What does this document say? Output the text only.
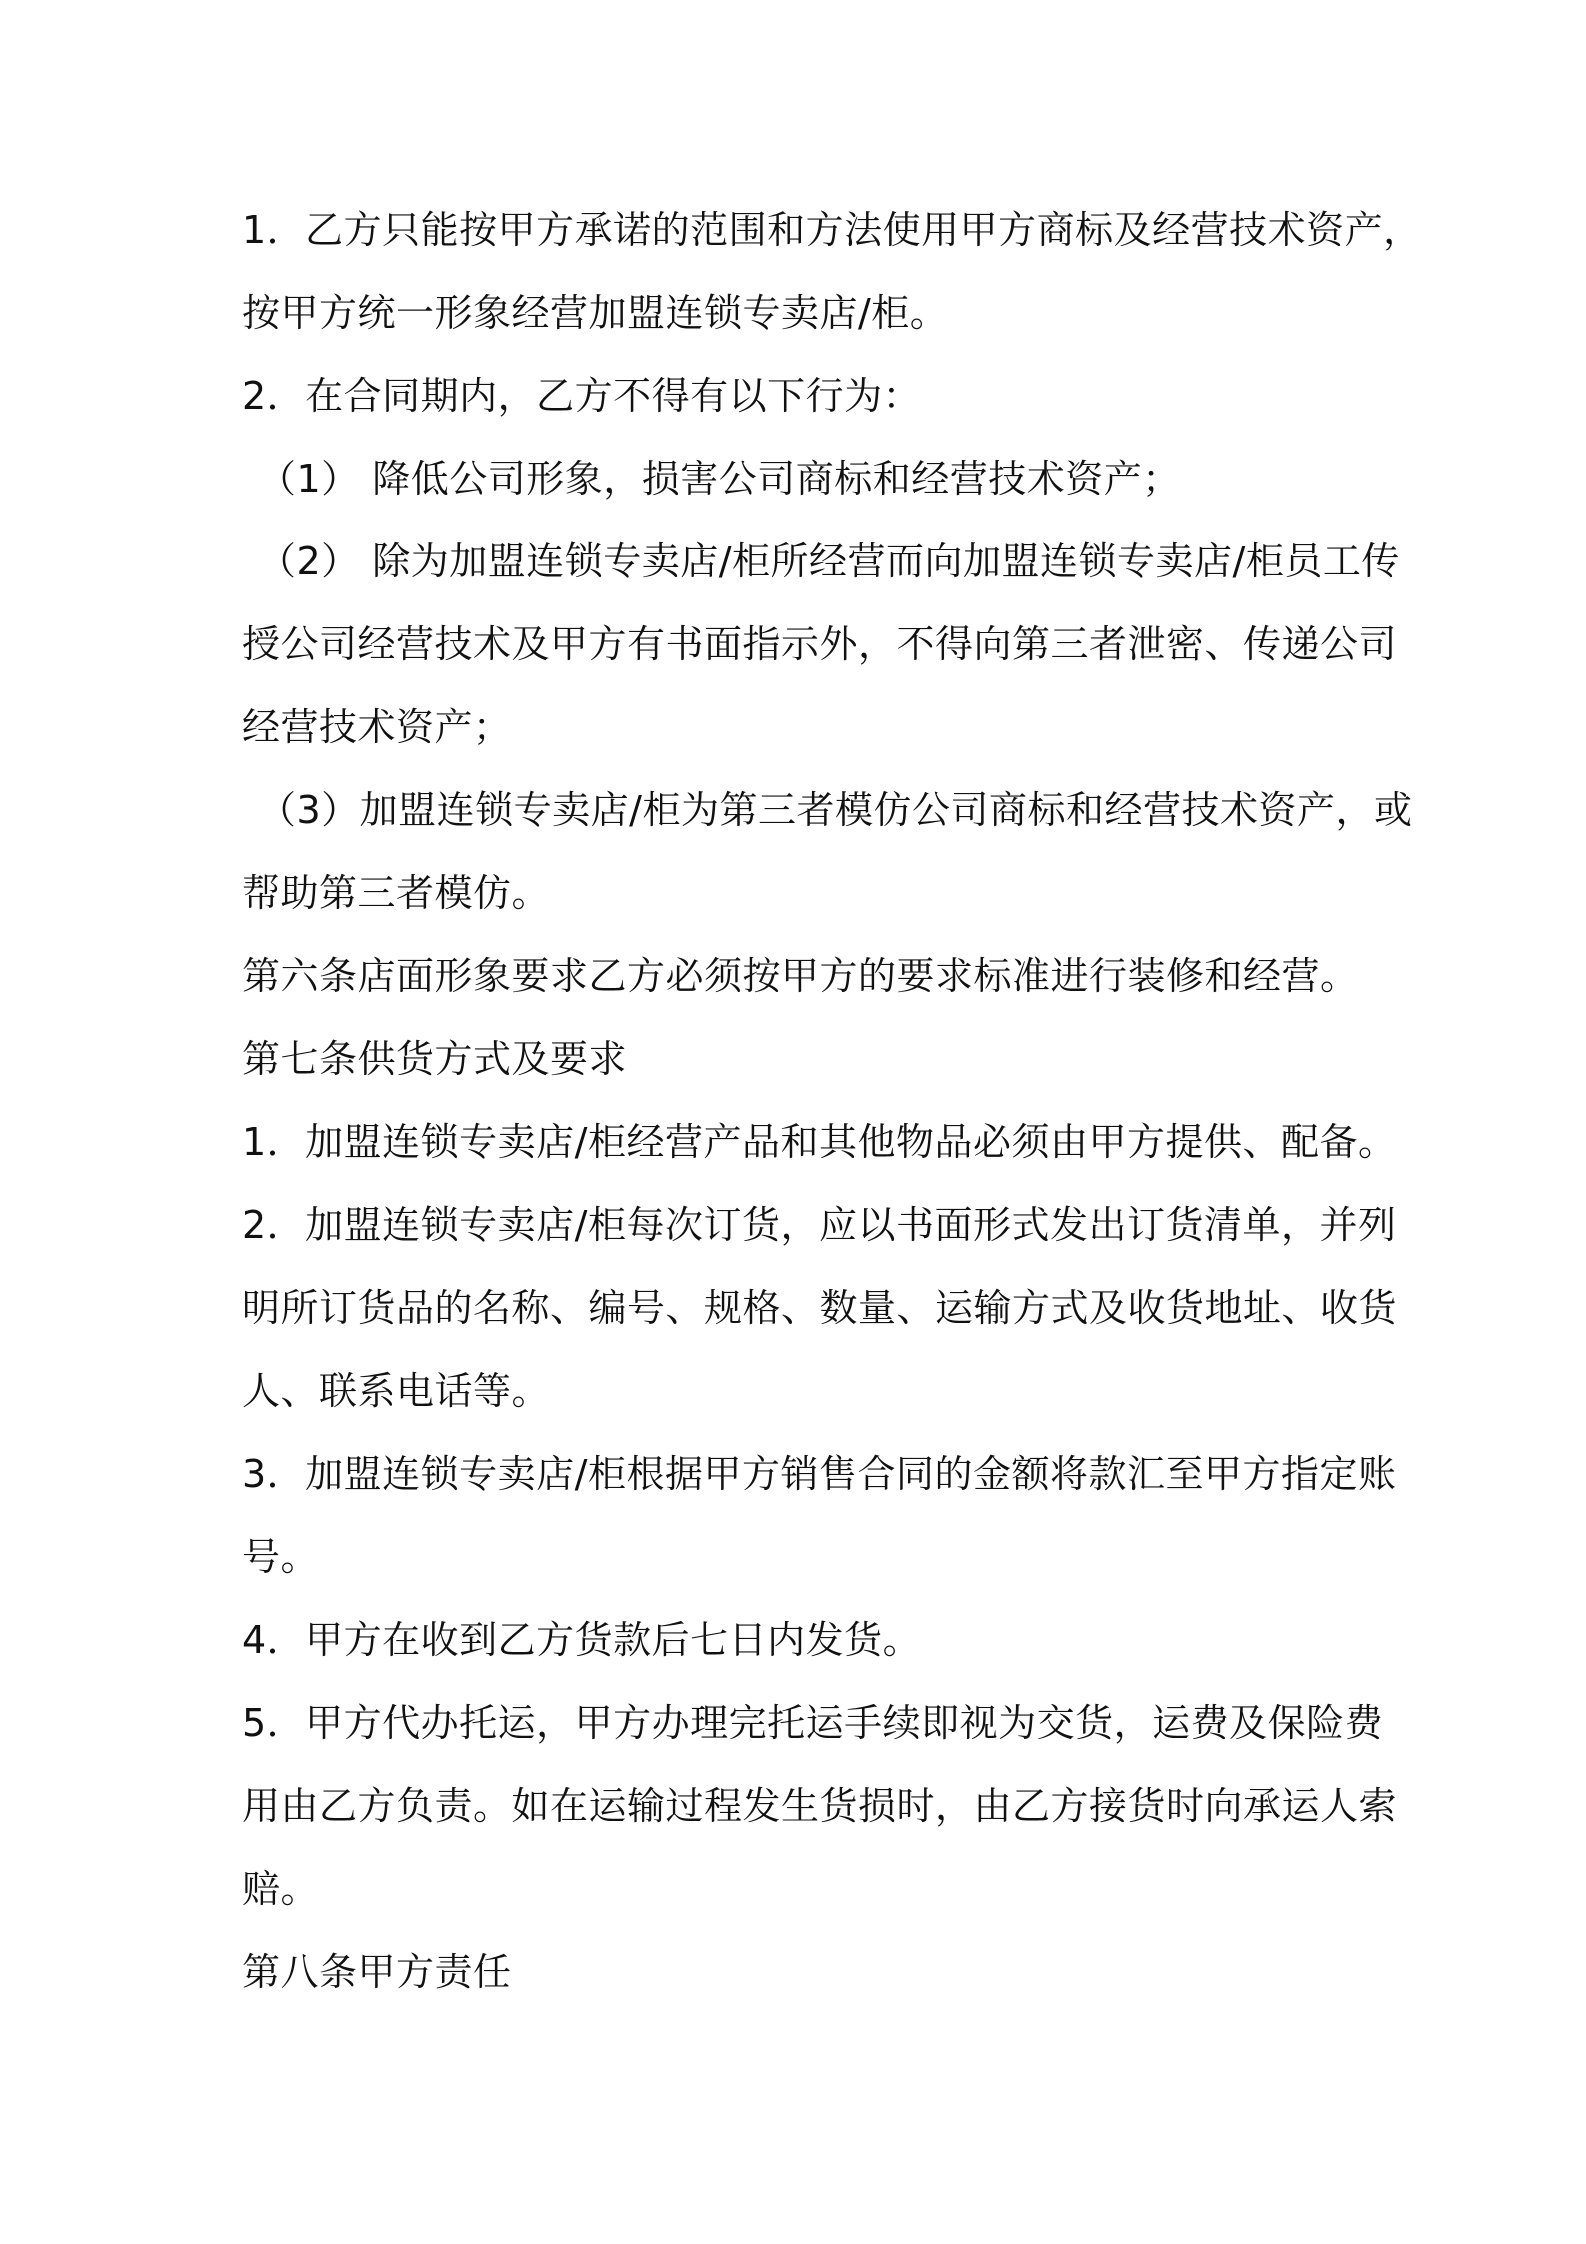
1．乙方只能按甲方承诺的范围和方法使用甲方商标及经营技术资产，
按甲方统一形象经营加盟连锁专卖店/柜。
2．在合同期内，乙方不得有以下行为：
（1） 降低公司形象，损害公司商标和经营技术资产；
（2） 除为加盟连锁专卖店/柜所经营而向加盟连锁专卖店/柜员工传
授公司经营技术及甲方有书面指示外，不得向第三者泄密、传递公司
经营技术资产；
（3）加盟连锁专卖店/柜为第三者模仿公司商标和经营技术资产，或
帮助第三者模仿。
第六条店面形象要求乙方必须按甲方的要求标准进行装修和经营。
第七条供货方式及要求
1．加盟连锁专卖店/柜经营产品和其他物品必须由甲方提供、配备。
2．加盟连锁专卖店/柜每次订货，应以书面形式发出订货清单，并列
明所订货品的名称、编号、规格、数量、运输方式及收货地址、收货
人、联系电话等。
3．加盟连锁专卖店/柜根据甲方销售合同的金额将款汇至甲方指定账
号。
4．甲方在收到乙方货款后七日内发货。
5．甲方代办托运，甲方办理完托运手续即视为交货，运费及保险费
用由乙方负责。如在运输过程发生货损时，由乙方接货时向承运人索
赔。
第八条甲方责任
